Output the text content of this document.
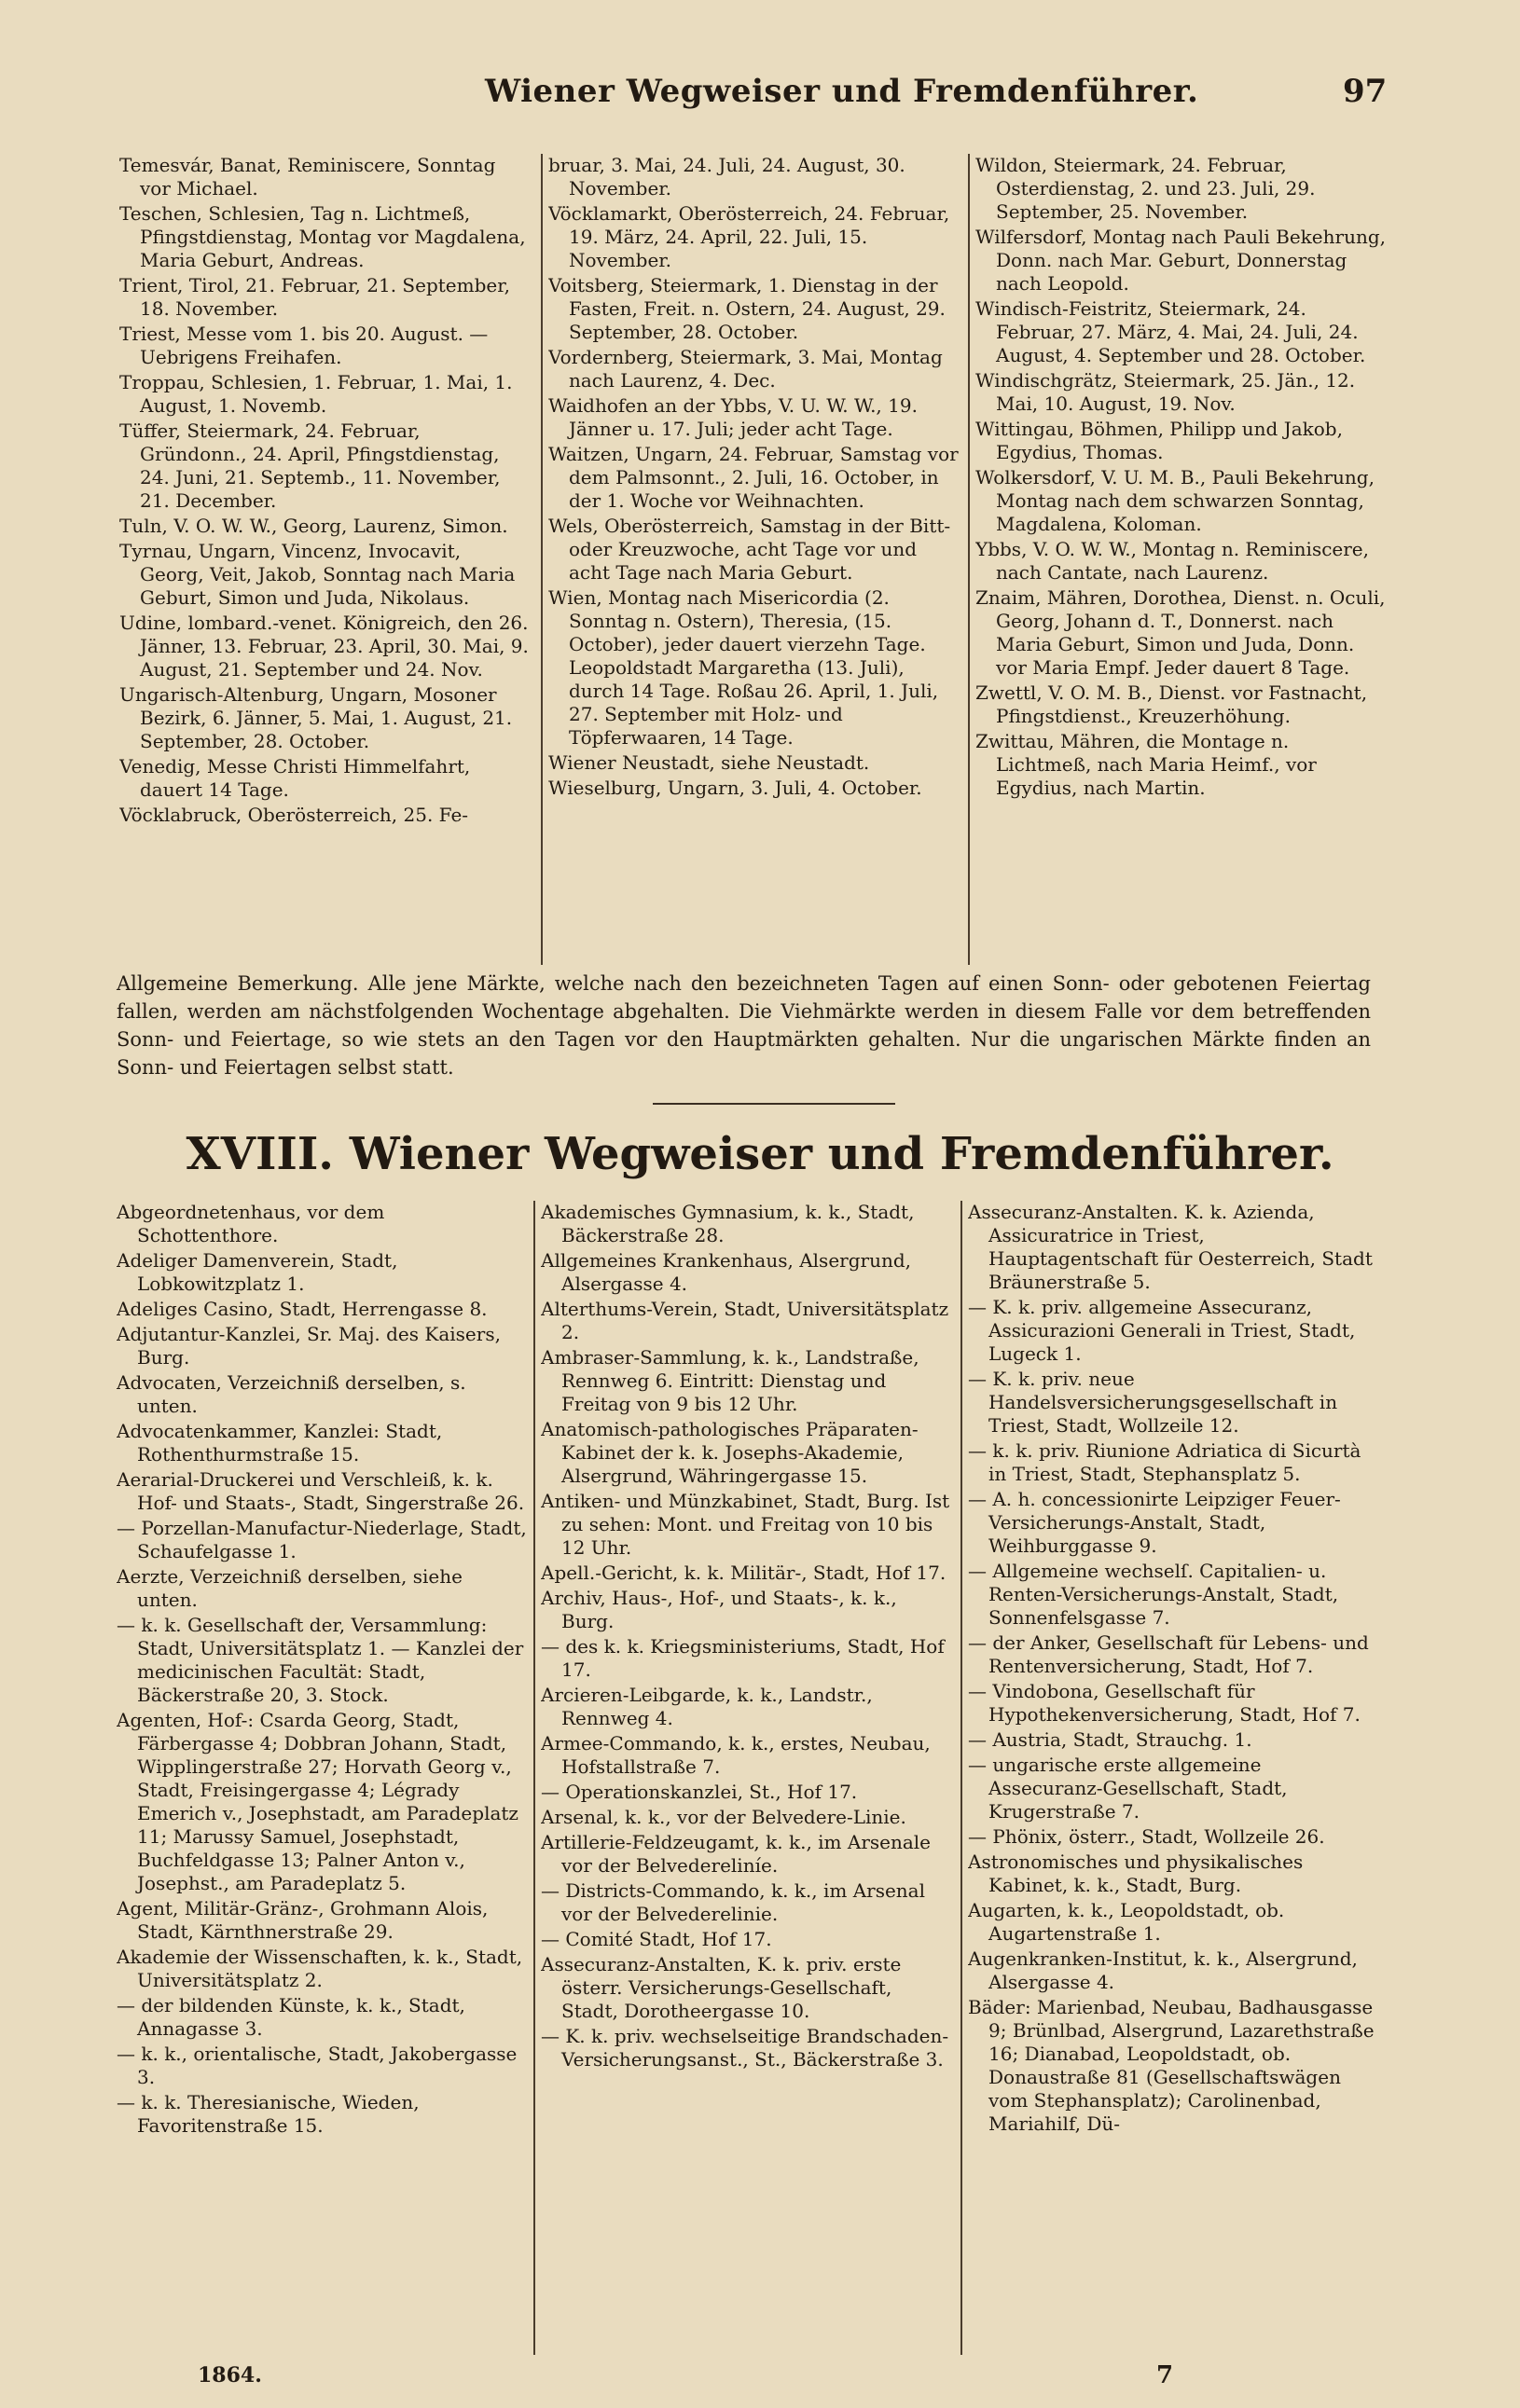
Wiener Wegweiser und Fremdenführer.	97

Temesvár, Banat, Reminiscere, Sonntag vor Michael.

Teschen, Schlesien, Tag n. Lichtmeß, Pfingstdienstag, Montag vor Magdalena, Maria Geburt, Andreas.

Trient, Tirol, 21. Februar, 21. September, 18. November.

Triest, Messe vom 1. bis 20. August. — Uebrigens Freihafen.

Troppau, Schlesien, 1. Februar, 1. Mai, 1. August, 1. Novemb.

Tüffer, Steiermark, 24. Februar, Gründonn., 24. April, Pfingstdienstag, 24. Juni, 21. Septemb., 11. November, 21. December.

Tuln, V. O. W. W., Georg, Laurenz, Simon.

Tyrnau, Ungarn, Vincenz, Invocavit, Georg, Veit, Jakob, Sonntag nach Maria Geburt, Simon und Juda, Nikolaus.

Udine, lombard.-venet. Königreich, den 26. Jänner, 13. Februar, 23. April, 30. Mai, 9. August, 21. September und 24. Nov.

Ungarisch-Altenburg, Ungarn, Mosoner Bezirk, 6. Jänner, 5. Mai, 1. August, 21. September, 28. October.

Venedig, Messe Christi Himmelfahrt, dauert 14 Tage.

Vöcklabruck, Oberösterreich, 25. Fe-

bruar, 3. Mai, 24. Juli, 24. August, 30. November.

Vöcklamarkt, Oberösterreich, 24. Februar, 19. März, 24. April, 22. Juli, 15. November.

Voitsberg, Steiermark, 1. Dienstag in der Fasten, Freit. n. Ostern, 24. August, 29. September, 28. October.

Vordernberg, Steiermark, 3. Mai, Montag nach Laurenz, 4. Dec.

Waidhofen an der Ybbs, V. U. W. W., 19. Jänner u. 17. Juli; jeder acht Tage.

Waitzen, Ungarn, 24. Februar, Samstag vor dem Palmsonnt., 2. Juli, 16. October, in der 1. Woche vor Weihnachten.

Wels, Oberösterreich, Samstag in der Bitt- oder Kreuzwoche, acht Tage vor und acht Tage nach Maria Geburt.

Wien, Montag nach Misericordia (2. Sonntag n. Ostern), Theresia, (15. October), jeder dauert vierzehn Tage. Leopoldstadt Margaretha (13. Juli), durch 14 Tage. Roßau 26. April, 1. Juli, 27. September mit Holz- und Töpferwaaren, 14 Tage.

Wiener Neustadt, siehe Neustadt.

Wieselburg, Ungarn, 3. Juli, 4. October.

Wildon, Steiermark, 24. Februar, Osterdienstag, 2. und 23. Juli, 29. September, 25. November.

Wilfersdorf, Montag nach Pauli Bekehrung, Donn. nach Mar. Geburt, Donnerstag nach Leopold.

Windisch-Feistritz, Steiermark, 24. Februar, 27. März, 4. Mai, 24. Juli, 24. August, 4. September und 28. October.

Windischgrätz, Steiermark, 25. Jän., 12. Mai, 10. August, 19. Nov.

Wittingau, Böhmen, Philipp und Jakob, Egydius, Thomas.

Wolkersdorf, V. U. M. B., Pauli Bekehrung, Montag nach dem schwarzen Sonntag, Magdalena, Koloman.

Ybbs, V. O. W. W., Montag n. Reminiscere, nach Cantate, nach Laurenz.

Znaim, Mähren, Dorothea, Dienst. n. Oculi, Georg, Johann d. T., Donnerst. nach Maria Geburt, Simon und Juda, Donn. vor Maria Empf. Jeder dauert 8 Tage.

Zwettl, V. O. M. B., Dienst. vor Fastnacht, Pfingstdienst., Kreuzerhöhung.

Zwittau, Mähren, die Montage n. Lichtmeß, nach Maria Heimf., vor Egydius, nach Martin.

Allgemeine Bemerkung. Alle jene Märkte, welche nach den bezeichneten Tagen auf einen Sonn- oder gebotenen Feiertag fallen, werden am nächstfolgenden Wochentage abgehalten. Die Viehmärkte werden in diesem Falle vor dem betreffenden Sonn- und Feiertage, so wie stets an den Tagen vor den Hauptmärkten gehalten. Nur die ungarischen Märkte finden an Sonn- und Feiertagen selbst statt.

XVIII. Wiener Wegweiser und Fremdenführer.

Abgeordnetenhaus, vor dem Schottenthore.

Adeliger Damenverein, Stadt, Lobkowitzplatz 1.

Adeliges Casino, Stadt, Herrengasse 8.

Adjutantur-Kanzlei, Sr. Maj. des Kaisers, Burg.

Advocaten, Verzeichniß derselben, s. unten.

Advocatenkammer, Kanzlei: Stadt, Rothenthurmstraße 15.

Aerarial-Druckerei und Verschleiß, k. k. Hof- und Staats-, Stadt, Singerstraße 26.

— Porzellan-Manufactur-Niederlage, Stadt, Schaufelgasse 1.

Aerzte, Verzeichniß derselben, siehe unten.

— k. k. Gesellschaft der, Versammlung: Stadt, Universitätsplatz 1. — Kanzlei der medicinischen Facultät: Stadt, Bäckerstraße 20, 3. Stock.

Agenten, Hof-: Csarda Georg, Stadt, Färbergasse 4; Dobbran Johann, Stadt, Wipplingerstraße 27; Horvath Georg v., Stadt, Freisingergasse 4; Légrady Emerich v., Josephstadt, am Paradeplatz 11; Marussy Samuel, Josephstadt, Buchfeldgasse 13; Palner Anton v., Josephst., am Paradeplatz 5.

Agent, Militär-Gränz-, Grohmann Alois, Stadt, Kärnthnerstraße 29.

Akademie der Wissenschaften, k. k., Stadt, Universitätsplatz 2.

— der bildenden Künste, k. k., Stadt, Annagasse 3.

— k. k., orientalische, Stadt, Jakobergasse 3.

— k. k. Theresianische, Wieden, Favoritenstraße 15.

Akademisches Gymnasium, k. k., Stadt, Bäckerstraße 28.

Allgemeines Krankenhaus, Alsergrund, Alsergasse 4.

Alterthums-Verein, Stadt, Universitätsplatz 2.

Ambraser-Sammlung, k. k., Landstraße, Rennweg 6. Eintritt: Dienstag und Freitag von 9 bis 12 Uhr.

Anatomisch-pathologisches Präparaten-Kabinet der k. k. Josephs-Akademie, Alsergrund, Währingergasse 15.

Antiken- und Münzkabinet, Stadt, Burg. Ist zu sehen: Mont. und Freitag von 10 bis 12 Uhr.

Apell.-Gericht, k. k. Militär-, Stadt, Hof 17.

Archiv, Haus-, Hof-, und Staats-, k. k., Burg.

— des k. k. Kriegsministeriums, Stadt, Hof 17.

Arcieren-Leibgarde, k. k., Landstr., Rennweg 4.

Armee-Commando, k. k., erstes, Neubau, Hofstallstraße 7.

— Operationskanzlei, St., Hof 17.

Arsenal, k. k., vor der Belvedere-Linie.

Artillerie-Feldzeugamt, k. k., im Arsenale vor der Belvedereliníe.

— Districts-Commando, k. k., im Arsenal vor der Belvederelinie.

— Comité Stadt, Hof 17.

Assecuranz-Anstalten, K. k. priv. erste österr. Versicherungs-Gesellschaft, Stadt, Dorotheergasse 10.

— K. k. priv. wechselseitige Brandschaden-Versicherungsanst., St., Bäckerstraße 3.

Assecuranz-Anstalten. K. k. Azienda, Assicuratrice in Triest, Hauptagentschaft für Oesterreich, Stadt Bräunerstraße 5.

— K. k. priv. allgemeine Assecuranz, Assicurazioni Generali in Triest, Stadt, Lugeck 1.

— K. k. priv. neue Handelsversicherungsgesellschaft in Triest, Stadt, Wollzeile 12.

— k. k. priv. Riunione Adriatica di Sicurtà in Triest, Stadt, Stephansplatz 5.

— A. h. concessionirte Leipziger Feuer-Versicherungs-Anstalt, Stadt, Weihburggasse 9.

— Allgemeine wechselſ. Capitalien- u. Renten-Versicherungs-Anstalt, Stadt, Sonnenfelsgasse 7.

— der Anker, Gesellschaft für Lebens- und Rentenversicherung, Stadt, Hof 7.

— Vindobona, Gesellschaft für Hypothekenversicherung, Stadt, Hof 7.

— Austria, Stadt, Strauchg. 1.

— ungarische erste allgemeine Assecuranz-Gesellschaft, Stadt, Krugerstraße 7.

— Phönix, österr., Stadt, Wollzeile 26.

Astronomisches und physikalisches Kabinet, k. k., Stadt, Burg.

Augarten, k. k., Leopoldstadt, ob. Augartenstraße 1.

Augenkranken-Institut, k. k., Alsergrund, Alsergasse 4.

Bäder: Marienbad, Neubau, Badhausgasse 9; Brünlbad, Alsergrund, Lazarethstraße 16; Dianabad, Leopoldstadt, ob. Donaustraße 81 (Gesellschaftswägen vom Stephansplatz); Carolinenbad, Mariahilf, Dü-

1864.	7
